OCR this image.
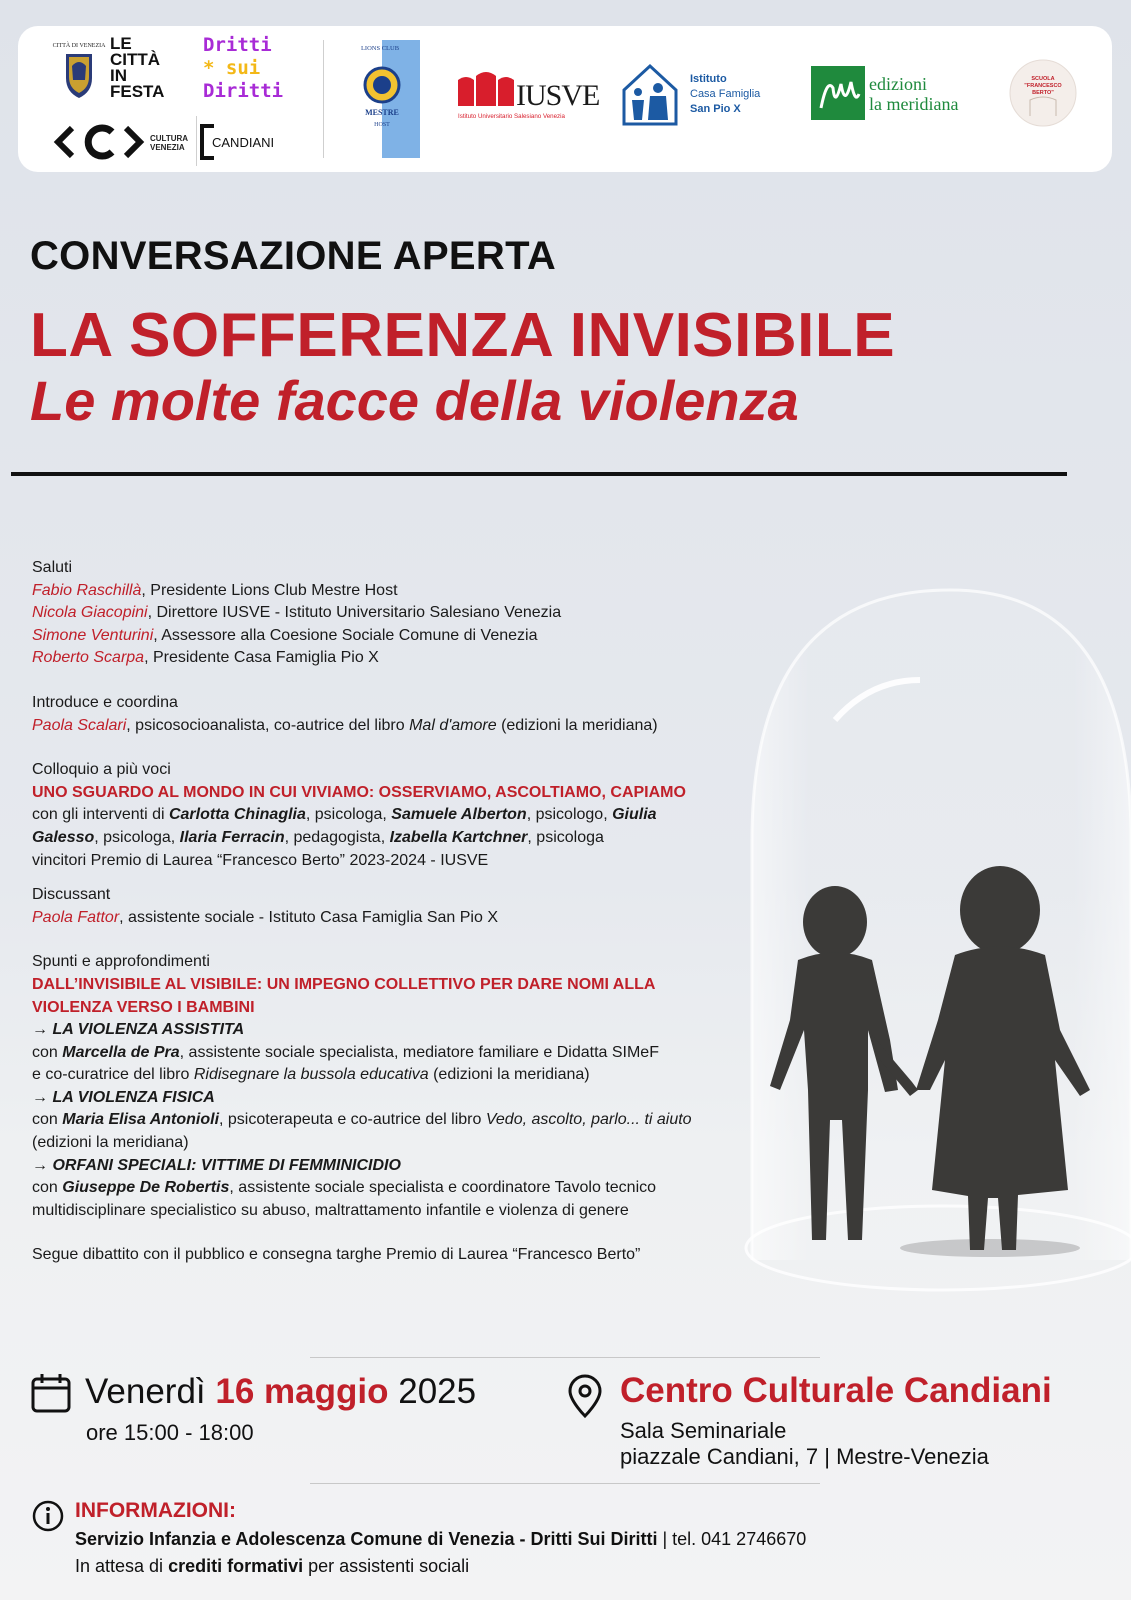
CITTÀ DI VENEZIA LE
CITTÀ
IN
FESTA
Dritti
* sui
Diritti
CULTURA
VENEZIA CANDIANI
LIONS CLUB
MESTRE
HOST
IUSVE
Istituto Universitario Salesiano Venezia
Istituto
Casa Famiglia
San Pio X
edizioni
la meridiana
SCUOLA
"FRANCESCO
BERTO"
CONVERSAZIONE APERTA
LA SOFFERENZA INVISIBILE
Le molte facce della violenza
Saluti
Fabio Raschillà, Presidente Lions Club Mestre Host
Nicola Giacopini, Direttore IUSVE - Istituto Universitario Salesiano Venezia
Simone Venturini, Assessore alla Coesione Sociale Comune di Venezia
Roberto Scarpa, Presidente Casa Famiglia Pio X
Introduce e coordina
Paola Scalari, psicosocioanalista, co-autrice del libro Mal d'amore (edizioni la meridiana)
Colloquio a più voci
UNO SGUARDO AL MONDO IN CUI VIVIAMO: OSSERVIAMO, ASCOLTIAMO, CAPIAMO
con gli interventi di Carlotta Chinaglia, psicologa, Samuele Alberton, psicologo, Giulia Galesso, psicologa, Ilaria Ferracin, pedagogista, Izabella Kartchner, psicologa
vincitori Premio di Laurea “Francesco Berto” 2023-2024 - IUSVE
Discussant
Paola Fattor, assistente sociale - Istituto Casa Famiglia San Pio X
Spunti e approfondimenti
DALL’INVISIBILE AL VISIBILE: UN IMPEGNO COLLETTIVO PER DARE NOMI ALLA
VIOLENZA VERSO I BAMBINI
→ LA VIOLENZA ASSISTITA
con Marcella de Pra, assistente sociale specialista, mediatore familiare e Didatta SIMeF
e co-curatrice del libro Ridisegnare la bussola educativa (edizioni la meridiana)
→ LA VIOLENZA FISICA
con Maria Elisa Antonioli, psicoterapeuta e co-autrice del libro Vedo, ascolto, parlo... ti aiuto (edizioni la meridiana)
→ ORFANI SPECIALI: VITTIME DI FEMMINICIDIO
con Giuseppe De Robertis, assistente sociale specialista e coordinatore Tavolo tecnico
multidisciplinare specialistico su abuso, maltrattamento infantile e violenza di genere
Segue dibattito con il pubblico e consegna targhe Premio di Laurea “Francesco Berto”
Venerdì 16 maggio 2025
ore 15:00 - 18:00
Centro Culturale Candiani
Sala Seminariale
piazzale Candiani, 7 | Mestre-Venezia
INFORMAZIONI:
Servizio Infanzia e Adolescenza Comune di Venezia - Dritti Sui Diritti | tel. 041 2746670
In attesa di crediti formativi per assistenti sociali
